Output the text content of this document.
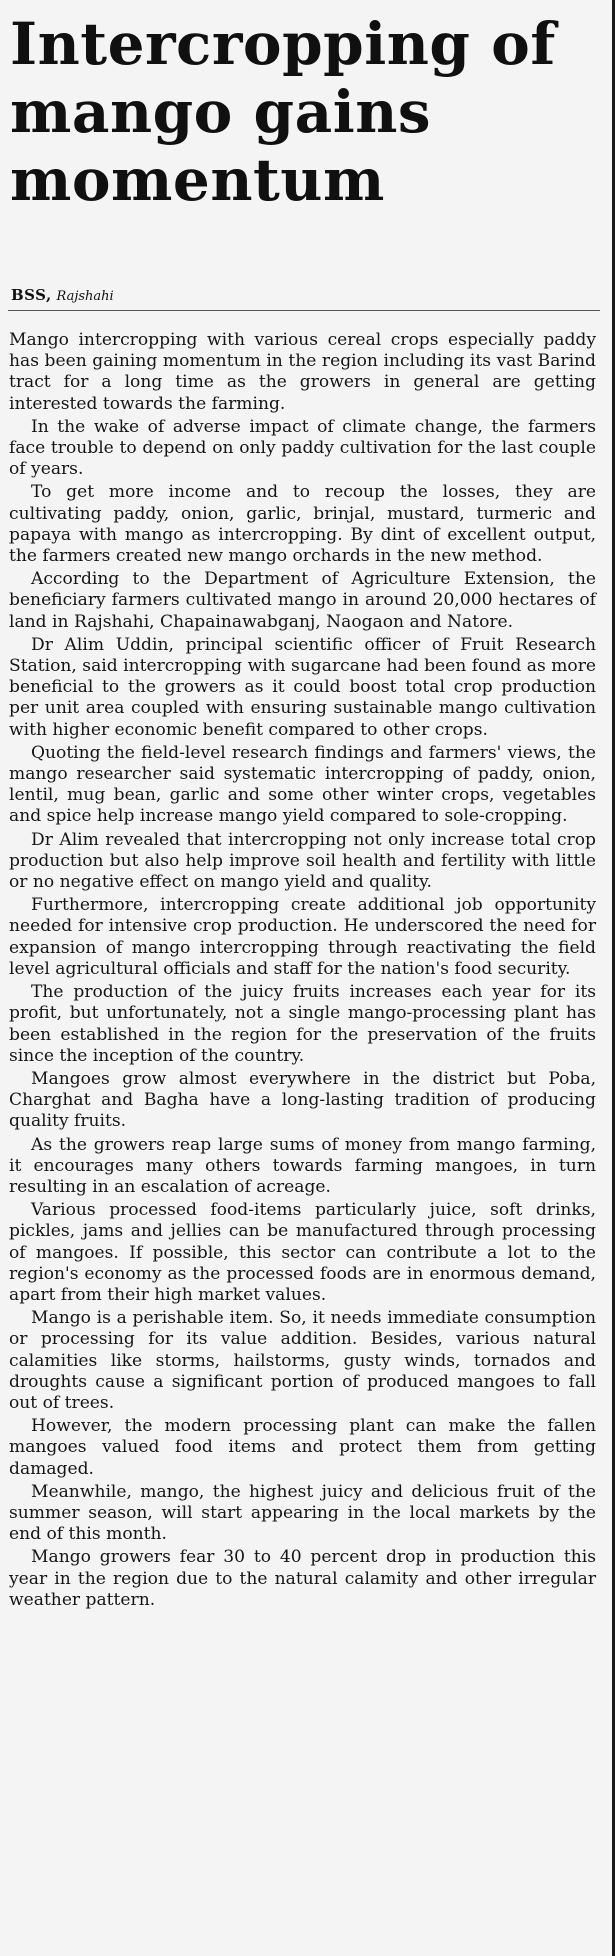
Intercropping of mango gains momentum
BSS, Rajshahi

Mango intercropping with various cereal crops especially paddy has been gaining momentum in the region including its vast Barind tract for a long time as the growers in general are getting interested towards the farming.

In the wake of adverse impact of climate change, the farmers face trouble to depend on only paddy cultivation for the last couple of years.

To get more income and to recoup the losses, they are cultivating paddy, onion, garlic, brinjal, mustard, turmeric and papaya with mango as intercropping. By dint of excellent output, the farmers created new mango orchards in the new method.

According to the Department of Agriculture Extension, the beneficiary farmers cultivated mango in around 20,000 hectares of land in Rajshahi, Chapainawabganj, Naogaon and Natore.

Dr Alim Uddin, principal scientific officer of Fruit Research Station, said intercropping with sugarcane had been found as more beneficial to the growers as it could boost total crop production per unit area coupled with ensuring sustainable mango cultivation with higher economic benefit compared to other crops.

Quoting the field-level research findings and farmers' views, the mango researcher said systematic intercropping of paddy, onion, lentil, mug bean, garlic and some other winter crops, vegetables and spice help increase mango yield compared to sole-cropping.

Dr Alim revealed that intercropping not only increase total crop production but also help improve soil health and fertility with little or no negative effect on mango yield and quality.

Furthermore, intercropping create additional job opportunity needed for intensive crop production. He underscored the need for expansion of mango intercropping through reactivating the field level agricultural officials and staff for the nation's food security.

The production of the juicy fruits increases each year for its profit, but unfortunately, not a single mango-processing plant has been established in the region for the preservation of the fruits since the inception of the country.

Mangoes grow almost everywhere in the district but Poba, Charghat and Bagha have a long-lasting tradition of producing quality fruits.

As the growers reap large sums of money from mango farming, it encourages many others towards farming mangoes, in turn resulting in an escalation of acreage.

Various processed food-items particularly juice, soft drinks, pickles, jams and jellies can be manufactured through processing of mangoes. If possible, this sector can contribute a lot to the region's economy as the processed foods are in enormous demand, apart from their high market values.

Mango is a perishable item. So, it needs immediate consumption or processing for its value addition. Besides, various natural calamities like storms, hailstorms, gusty winds, tornados and droughts cause a significant portion of produced mangoes to fall out of trees.

However, the modern processing plant can make the fallen mangoes valued food items and protect them from getting damaged.

Meanwhile, mango, the highest juicy and delicious fruit of the summer season, will start appearing in the local markets by the end of this month.

Mango growers fear 30 to 40 percent drop in production this year in the region due to the natural calamity and other irregular weather pattern.
